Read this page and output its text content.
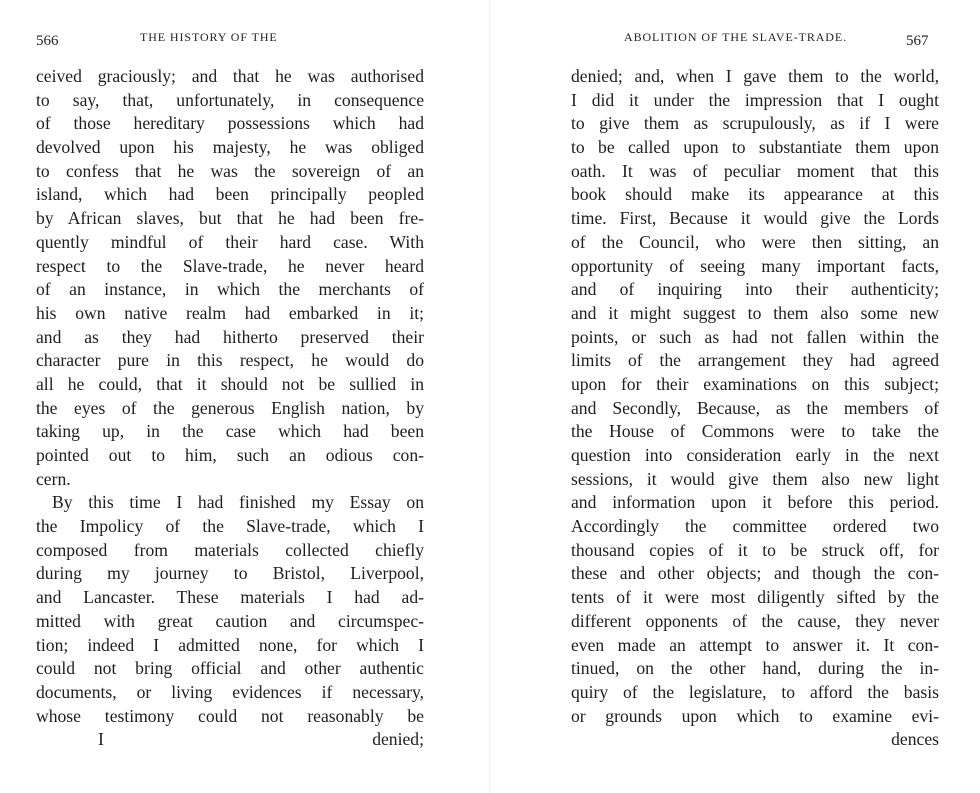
566	THE HISTORY OF THE
ceived graciously; and that he was authorised
to say, that, unfortunately, in consequence
of those hereditary possessions which had
devolved upon his majesty, he was obliged
to confess that he was the sovereign of an
island, which had been principally peopled
by African slaves, but that he had been fre-
quently mindful of their hard case. With
respect to the Slave-trade, he never heard
of an instance, in which the merchants of
his own native realm had embarked in it;
and as they had hitherto preserved their
character pure in this respect, he would do
all he could, that it should not be sullied in
the eyes of the generous English nation, by
taking up, in the case which had been
pointed out to him, such an odious con-
cern.
By this time I had finished my Essay on
the Impolicy of the Slave-trade, which I
composed from materials collected chiefly
during my journey to Bristol, Liverpool,
and Lancaster. These materials I had ad-
mitted with great caution and circumspec-
tion; indeed I admitted none, for which I
could not bring official and other authentic
documents, or living evidences if necessary,
whose testimony could not reasonably be
I	denied;
ABOLITION OF THE SLAVE-TRADE.	567
denied; and, when I gave them to the world,
I did it under the impression that I ought
to give them as scrupulously, as if I were
to be called upon to substantiate them upon
oath. It was of peculiar moment that this
book should make its appearance at this
time. First, Because it would give the Lords
of the Council, who were then sitting, an
opportunity of seeing many important facts,
and of inquiring into their authenticity;
and it might suggest to them also some new
points, or such as had not fallen within the
limits of the arrangement they had agreed
upon for their examinations on this subject;
and Secondly, Because, as the members of
the House of Commons were to take the
question into consideration early in the next
sessions, it would give them also new light
and information upon it before this period.
Accordingly the committee ordered two
thousand copies of it to be struck off, for
these and other objects; and though the con-
tents of it were most diligently sifted by the
different opponents of the cause, they never
even made an attempt to answer it. It con-
tinued, on the other hand, during the in-
quiry of the legislature, to afford the basis
or grounds upon which to examine evi-
dences
